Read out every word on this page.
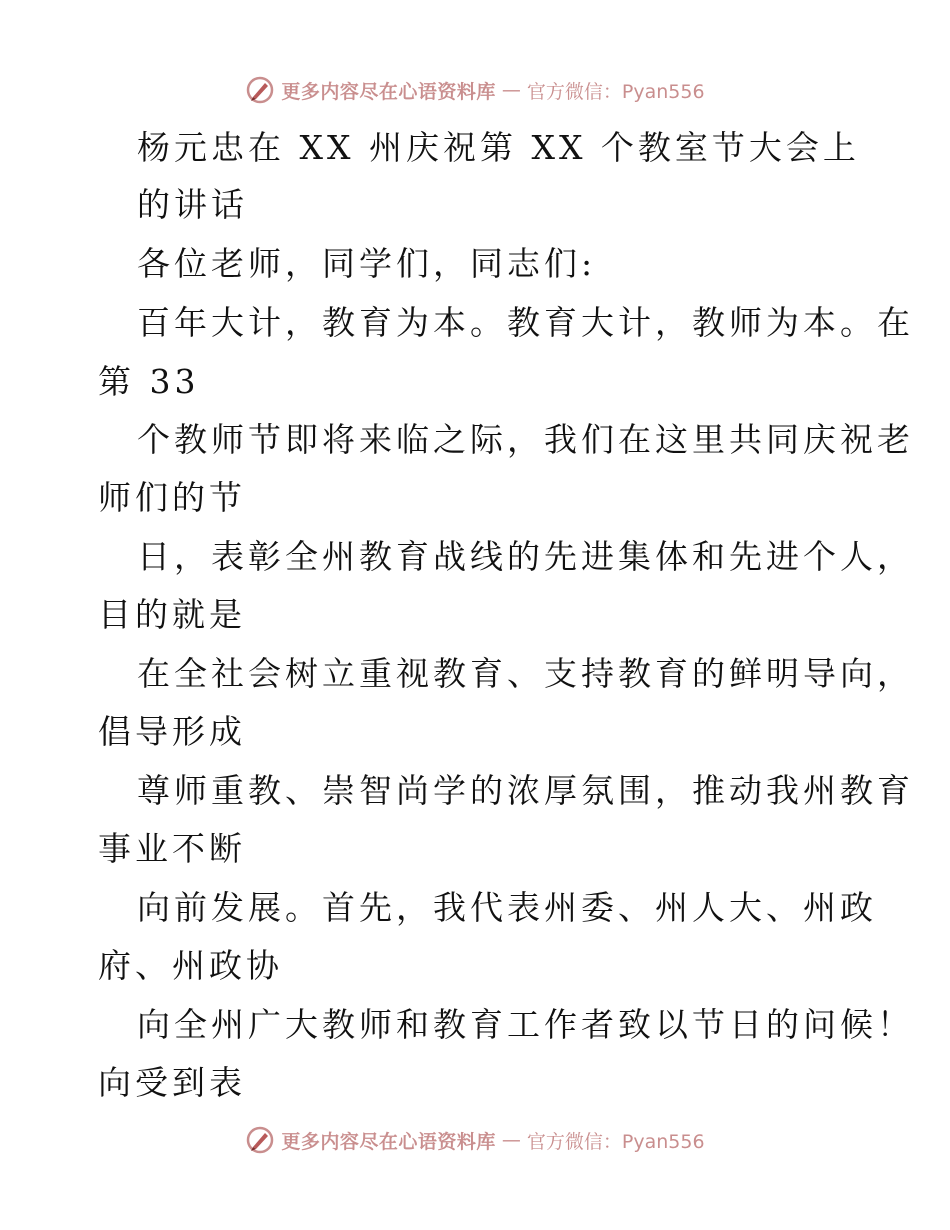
更多内容尽在心语资料库 — 官方微信：Pyan556
杨元忠在 XX 州庆祝第 XX 个教室节大会上
的讲话
各位老师，同学们，同志们:
百年大计，教育为本。教育大计，教师为本。在
第 33
个教师节即将来临之际，我们在这里共同庆祝老
师们的节
日，表彰全州教育战线的先进集体和先进个人，
目的就是
在全社会树立重视教育、支持教育的鲜明导向，
倡导形成
尊师重教、崇智尚学的浓厚氛围，推动我州教育
事业不断
向前发展。首先，我代表州委、州人大、州政
府、州政协
向全州广大教师和教育工作者致以节日的问候！
向受到表
更多内容尽在心语资料库 — 官方微信：Pyan556
